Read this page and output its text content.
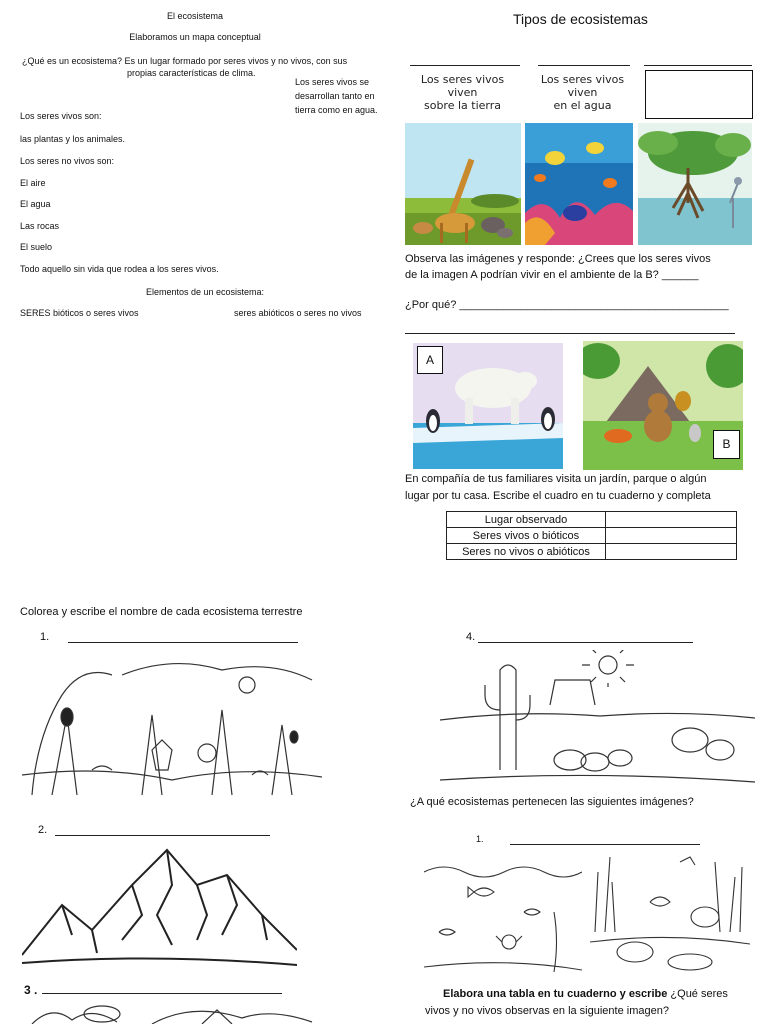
El ecosistema
Elaboramos un mapa conceptual
¿Qué es un ecosistema? Es un lugar formado por seres vivos y no vivos, con sus
propias características de clima.
Los seres vivos se
desarrollan tanto en
tierra como en agua.
Los seres vivos son:
las plantas y los animales.
Los seres no vivos son:
El aire
El agua
Las rocas
El suelo
Todo aquello sin vida que rodea a los seres vivos.
Elementos de un ecosistema:
SERES bióticos o seres vivos	seres abióticos o seres no vivos
Tipos de ecosistemas
Los seres vivos viven
sobre la tierra
Los seres vivos viven
en el agua
Observa las imágenes y responde: ¿Crees que los seres vivos
de la imagen A podrían vivir en el ambiente de la B? ______
¿Por qué? ____________________________________________
A
B
En compañía de tus familiares visita un jardín, parque o algún
lugar por tu casa. Escribe el cuadro en tu cuaderno y completa
Lugar observado	
Seres vivos o bióticos	
Seres no vivos o abióticos	
Colorea y escribe el nombre de cada ecosistema terrestre
1.	4.
¿A qué ecosistemas pertenecen las siguientes imágenes?
2.
3 .
1.
Elabora una tabla en tu cuaderno y escribe ¿Qué seres
vivos y no vivos observas en la siguiente imagen?
